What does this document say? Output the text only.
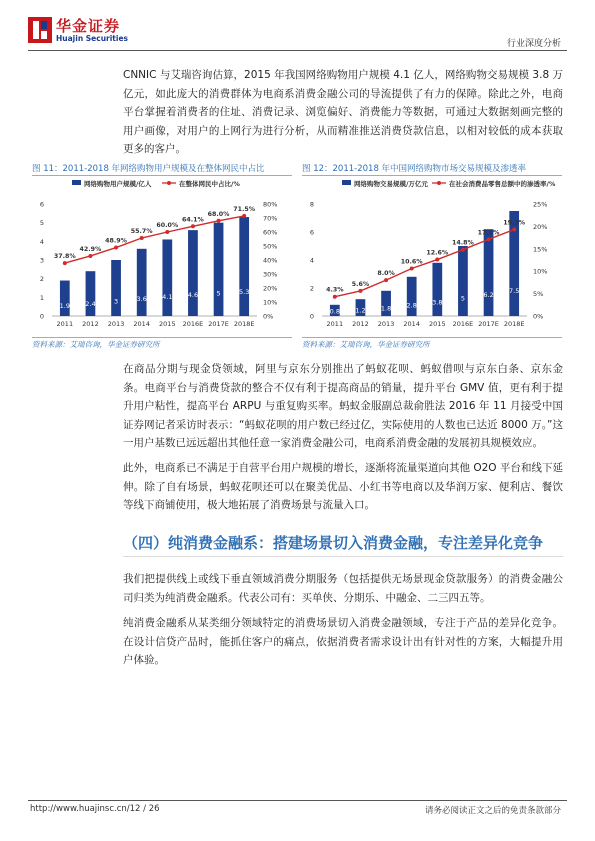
华金证券
Huajin Securities
行业深度分析

CNNIC 与艾瑞咨询估算，2015 年我国网络购物用户规模 4.1 亿人，网络购物交易规模 3.8 万亿元，如此庞大的消费群体为电商系消费金融公司的导流提供了有力的保障。除此之外，电商平台掌握着消费者的住址、消费记录、浏览偏好、消费能力等数据，可通过大数据刻画完整的用户画像，对用户的上网行为进行分析，从而精准推送消费贷款信息，以相对较低的成本获取更多的客户。

图 11：2011-2018 年网络购物用户规模及在整体网民中占比
网络购物用户规模/亿人	在整体网民中占比/%
0
1
2
3
4
5
6
0%
10%
20%
30%
40%
50%
60%
70%
80%
1.9
2011
2.4
2012
3
2013
3.6
2014
4.1
2015
4.6
2016E
5
2017E
5.3
2018E
37.8%
42.9%
48.9%
55.7%
60.0%
64.1%
68.0%
71.5%
资料来源：艾瑞咨询，华金证券研究所
图 12：2011-2018 年中国网络购物市场交易规模及渗透率
网络购物交易规模/万亿元	在社会消费品零售总额中的渗透率/%
0
2
4
6
8
0%
5%
10%
15%
20%
25%
0.8
2011
1.2
2012
1.8
2013
2.8
2014
3.8
2015
5
2016E
6.2
2017E
7.5
2018E
4.3%
5.6%
8.0%
10.6%
12.6%
14.8%
17.1%
19.3%
资料来源：艾瑞咨询，华金证券研究所

在商品分期与现金贷领域，阿里与京东分别推出了蚂蚁花呗、蚂蚁借呗与京东白条、京东金条。电商平台与消费贷款的整合不仅有利于提高商品的销量，提升平台 GMV 值，更有利于提升用户粘性，提高平台 ARPU 与重复购买率。蚂蚁金服副总裁俞胜法 2016 年 11 月接受中国证券网记者采访时表示：“蚂蚁花呗的用户数已经过亿，实际使用的人数也已达近 8000 万。”这一用户基数已远远超出其他任意一家消费金融公司，电商系消费金融的发展初具规模效应。

此外，电商系已不满足于自营平台用户规模的增长，逐渐将流量渠道向其他 O2O 平台和线下延伸。除了自有场景，蚂蚁花呗还可以在聚美优品、小红书等电商以及华润万家、便利店、餐饮等线下商铺使用，极大地拓展了消费场景与流量入口。

（四）纯消费金融系：搭建场景切入消费金融，专注差异化竞争

我们把提供线上或线下垂直领域消费分期服务（包括提供无场景现金贷款服务）的消费金融公司归类为纯消费金融系。代表公司有：买单侠、分期乐、中融金、二三四五等。

纯消费金融系从某类细分领域特定的消费场景切入消费金融领域，专注于产品的差异化竞争。在设计信贷产品时，能抓住客户的痛点，依据消费者需求设计出有针对性的方案，大幅提升用户体验。

http://www.huajinsc.cn/12 / 26	请务必阅读正文之后的免责条款部分
